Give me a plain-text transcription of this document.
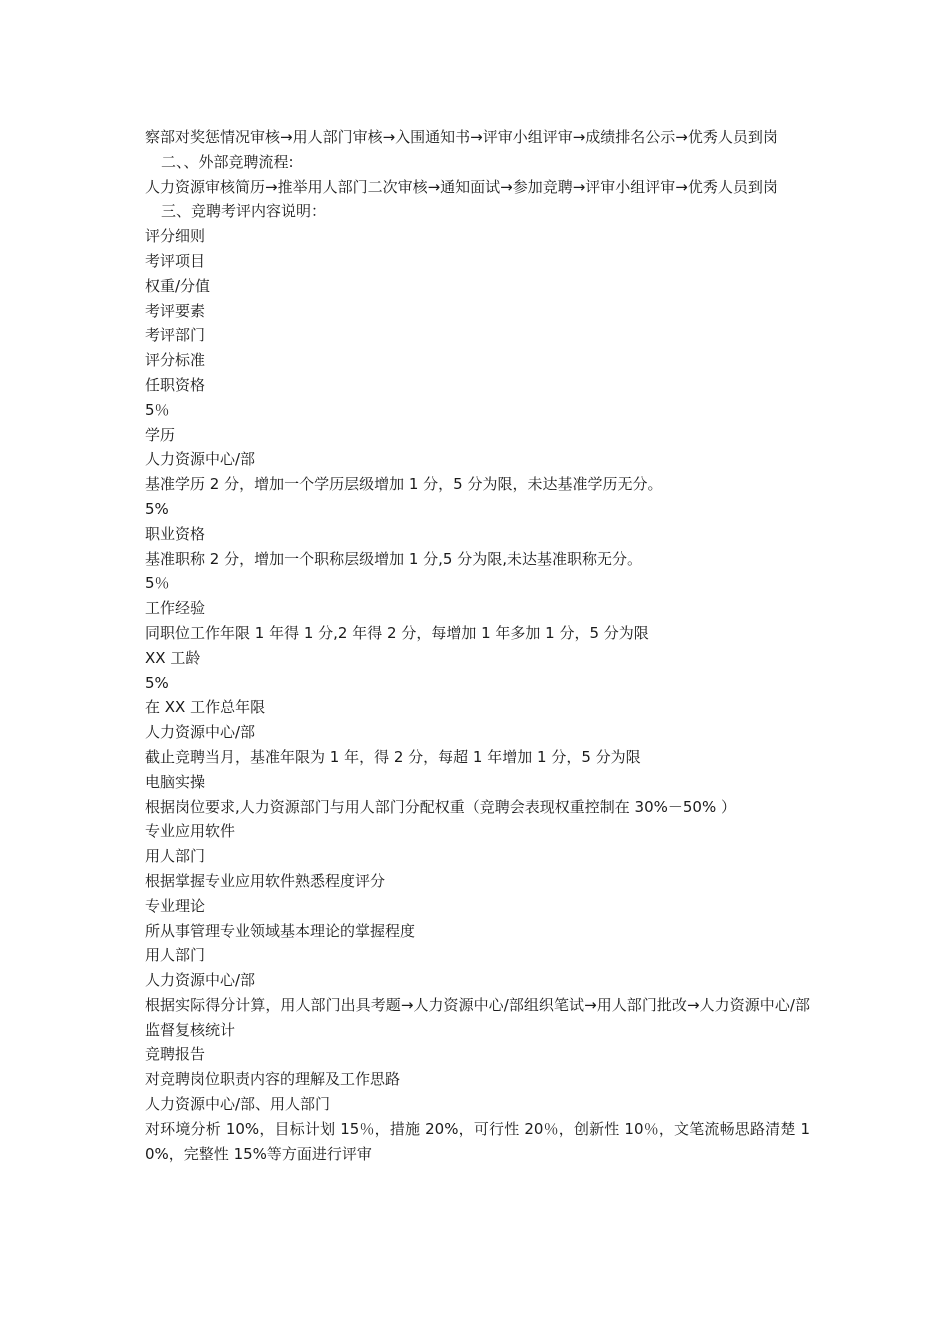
察部对奖惩情况审核→用人部门审核→入围通知书→评审小组评审→成绩排名公示→优秀人员到岗

二、、外部竞聘流程:

人力资源审核简历→推举用人部门二次审核→通知面试→参加竞聘→评审小组评审→优秀人员到岗

三、竞聘考评内容说明：

评分细则

考评项目

权重/分值

考评要素

考评部门

评分标准

任职资格

5％

学历

人力资源中心/部

基准学历 2 分，增加一个学历层级增加 1 分，5 分为限，未达基准学历无分。

5%

职业资格

基准职称 2 分，增加一个职称层级增加 1 分,5 分为限,未达基准职称无分。

5％

工作经验

同职位工作年限 1 年得 1 分,2 年得 2 分，每增加 1 年多加 1 分，5 分为限

XX 工龄

5%

在 XX 工作总年限

人力资源中心/部

截止竞聘当月，基准年限为 1 年，得 2 分，每超 1 年增加 1 分，5 分为限

电脑实操

根据岗位要求,人力资源部门与用人部门分配权重（竞聘会表现权重控制在 30%－50% ）

专业应用软件

用人部门

根据掌握专业应用软件熟悉程度评分

专业理论

所从事管理专业领域基本理论的掌握程度

用人部门

人力资源中心/部

根据实际得分计算，用人部门出具考题→人力资源中心/部组织笔试→用人部门批改→人力资源中心/部监督复核统计

竞聘报告

对竞聘岗位职责内容的理解及工作思路

人力资源中心/部、用人部门

对环境分析 10%，目标计划 15％，措施 20%，可行性 20％，创新性 10％，文笔流畅思路清楚 10%，完整性 15%等方面进行评审
